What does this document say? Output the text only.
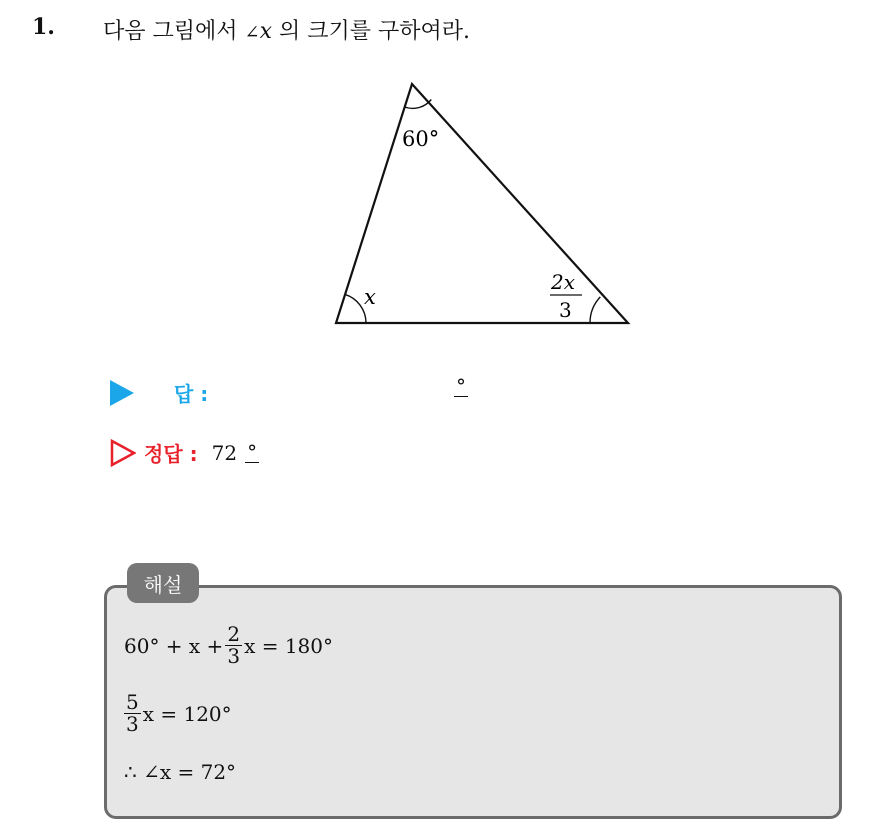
1. 다음 그림에서 ∠x 의 크기를 구하여라.
60°
x
2x
3
답 :	°
정답 : 72 °
해설
$60^\circ + x + \frac{2}{3}$ x = 180°
$\frac{5}{3}$ x = 120°
∴ ∠x = 72°
